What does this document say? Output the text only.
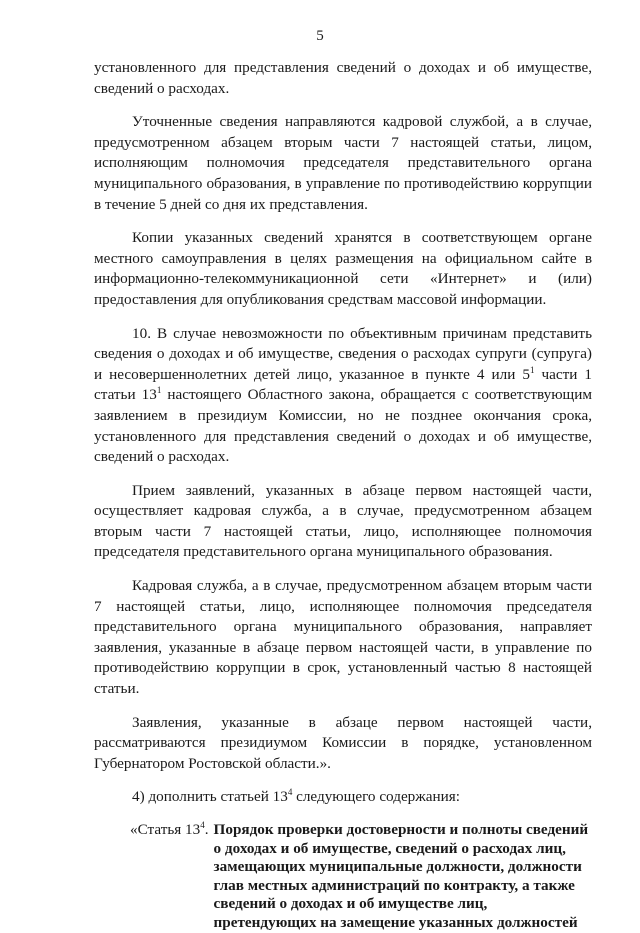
5

установленного для представления сведений о доходах и об имуществе, сведений о расходах.

Уточненные сведения направляются кадровой службой, а в случае, предусмотренном абзацем вторым части 7 настоящей статьи, лицом, исполняющим полномочия председателя представительного органа муниципального образования, в управление по противодействию коррупции в течение 5 дней со дня их представления.

Копии указанных сведений хранятся в соответствующем органе местного самоуправления в целях размещения на официальном сайте в информационно-телекоммуникационной сети «Интернет» и (или) предоставления для опубликования средствам массовой информации.

10. В случае невозможности по объективным причинам представить сведения о доходах и об имуществе, сведения о расходах супруги (супруга) и несовершеннолетних детей лицо, указанное в пункте 4 или $5^1$ части 1 статьи $13^1$ настоящего Областного закона, обращается с соответствующим заявлением в президиум Комиссии, но не позднее окончания срока, установленного для представления сведений о доходах и об имуществе, сведений о расходах.

Прием заявлений, указанных в абзаце первом настоящей части, осуществляет кадровая служба, а в случае, предусмотренном абзацем вторым части 7 настоящей статьи, лицо, исполняющее полномочия председателя представительного органа муниципального образования.

Кадровая служба, а в случае, предусмотренном абзацем вторым части 7 настоящей статьи, лицо, исполняющее полномочия председателя представительного органа муниципального образования, направляет заявления, указанные в абзаце первом настоящей части, в управление по противодействию коррупции в срок, установленный частью 8 настоящей статьи.

Заявления, указанные в абзаце первом настоящей части, рассматриваются президиумом Комиссии в порядке, установленном Губернатором Ростовской области.».

4) дополнить статьей $13^4$ следующего содержания:

«Статья $13^4$. Порядок проверки достоверности и полноты сведений о доходах и об имуществе, сведений о расходах лиц, замещающих муниципальные должности, должности глав местных администраций по контракту, а также сведений о доходах и об имуществе лиц, претендующих на замещение указанных должностей
